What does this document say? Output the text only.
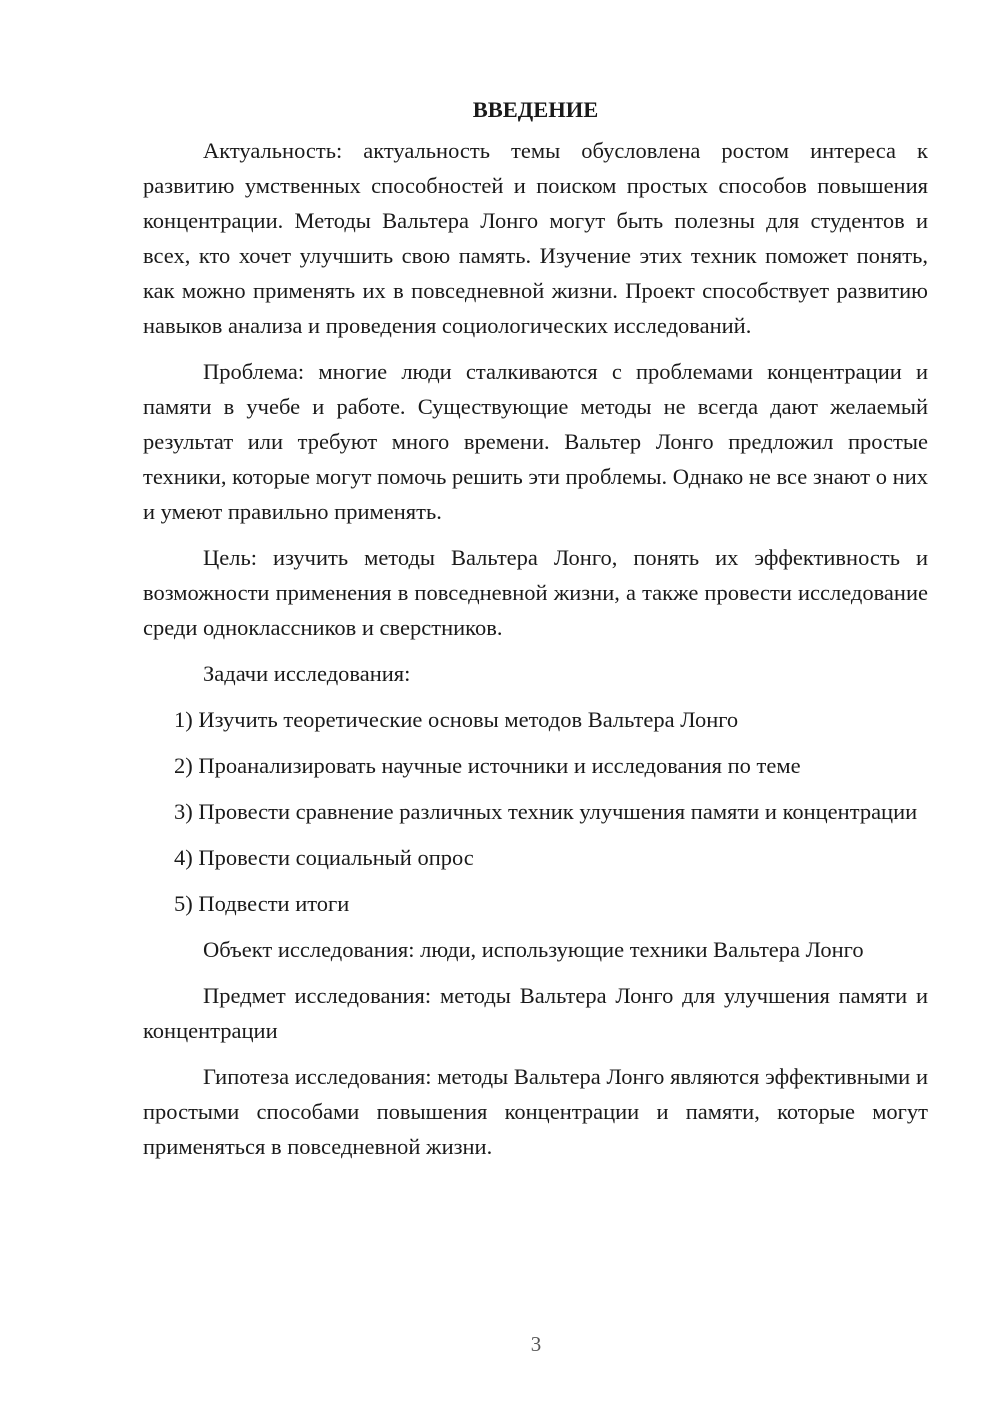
ВВЕДЕНИЕ

Актуальность: актуальность темы обусловлена ростом интереса к развитию умственных способностей и поиском простых способов повышения концентрации. Методы Вальтера Лонго могут быть полезны для студентов и всех, кто хочет улучшить свою память. Изучение этих техник поможет понять, как можно применять их в повседневной жизни. Проект способствует развитию навыков анализа и проведения социологических исследований.

Проблема: многие люди сталкиваются с проблемами концентрации и памяти в учебе и работе. Существующие методы не всегда дают желаемый результат или требуют много времени. Вальтер Лонго предложил простые техники, которые могут помочь решить эти проблемы. Однако не все знают о них и умеют правильно применять.

Цель: изучить методы Вальтера Лонго, понять их эффективность и возможности применения в повседневной жизни, а также провести исследование среди одноклассников и сверстников.

Задачи исследования:

1) Изучить теоретические основы методов Вальтера Лонго

2) Проанализировать научные источники и исследования по теме

3) Провести сравнение различных техник улучшения памяти и концентрации

4) Провести социальный опрос

5) Подвести итоги

Объект исследования: люди, использующие техники Вальтера Лонго

Предмет исследования: методы Вальтера Лонго для улучшения памяти и концентрации

Гипотеза исследования: методы Вальтера Лонго являются эффективными и простыми способами повышения концентрации и памяти, которые могут применяться в повседневной жизни.

3
